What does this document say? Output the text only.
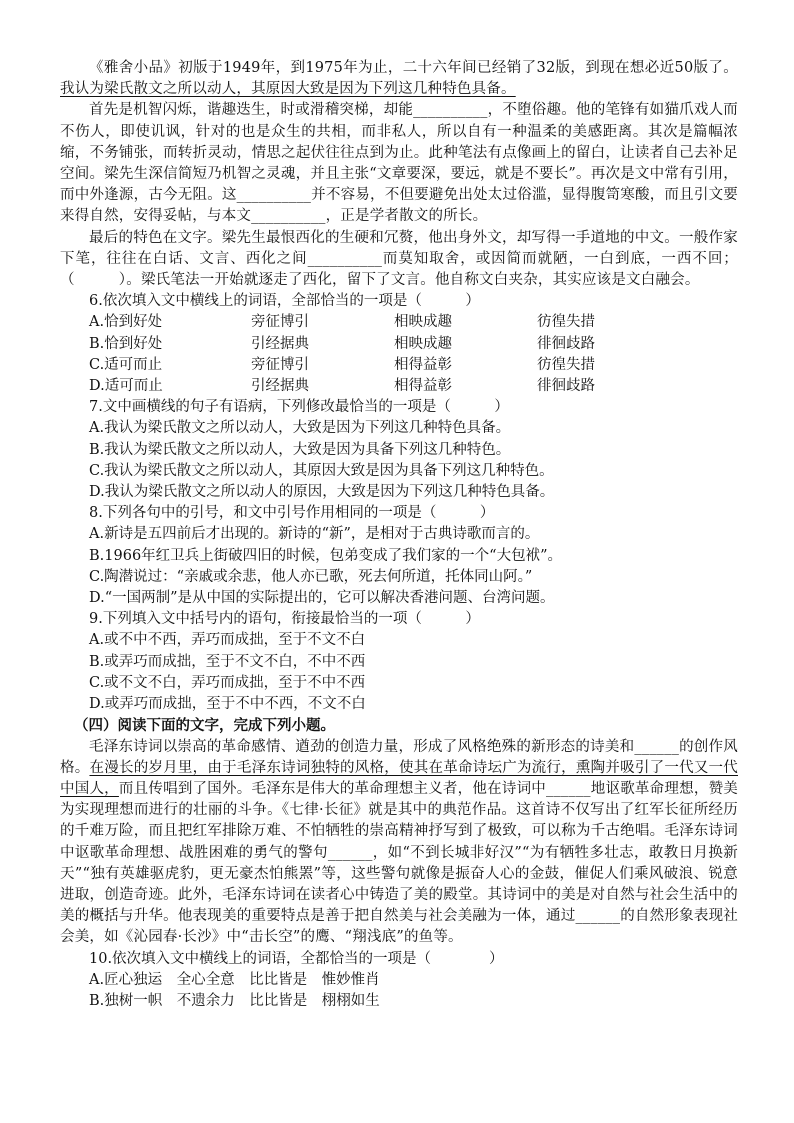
《雅舍小品》初版于1949年，到1975年为止，二十六年间已经销了32版，到现在想必近50版了。我认为梁氏散文之所以动人，其原因大致是因为下列这几种特色具备。

首先是机智闪烁，谐趣迭生，时或滑稽突梯，却能__________，不堕俗趣。他的笔锋有如猫爪戏人而不伤人，即使讥讽，针对的也是众生的共相，而非私人，所以自有一种温柔的美感距离。其次是篇幅浓缩，不务铺张，而转折灵动，情思之起伏往往点到为止。此种笔法有点像画上的留白，让读者自己去补足空间。梁先生深信简短乃机智之灵魂，并且主张“文章要深，要远，就是不要长”。再次是文中常有引用，而中外逢源，古今无阻。这__________并不容易，不但要避免出处太过俗滥，显得腹笥寒酸，而且引文要来得自然，安得妥帖，与本文__________，正是学者散文的所长。

最后的特色在文字。梁先生最恨西化的生硬和冗赘，他出身外文，却写得一手道地的中文。一般作家下笔，往往在白话、文言、西化之间__________而莫知取舍，或因简而就陋，一白到底，一西不回；（　　　）。梁氏笔法一开始就逐走了西化，留下了文言。他自称文白夹杂，其实应该是文白融会。

6.依次填入文中横线上的词语，全部恰当的一项是（　　　）
A.恰到好处	旁征博引	相映成趣	彷徨失措
B.恰到好处	引经据典	相映成趣	徘徊歧路
C.适可而止	旁征博引	相得益彰	彷徨失措
D.适可而止	引经据典	相得益彰	徘徊歧路
7.文中画横线的句子有语病，下列修改最恰当的一项是（　　　）
A.我认为梁氏散文之所以动人，大致是因为下列这几种特色具备。
B.我认为梁氏散文之所以动人，大致是因为具备下列这几种特色。
C.我认为梁氏散文之所以动人，其原因大致是因为具备下列这几种特色。
D.我认为梁氏散文之所以动人的原因，大致是因为下列这几种特色具备。
8.下列各句中的引号，和文中引号作用相同的一项是（　　　）
A.新诗是五四前后才出现的。新诗的“新”，是相对于古典诗歌而言的。
B.1966年红卫兵上街破四旧的时候，包弟变成了我们家的一个“大包袱”。
C.陶潜说过：“亲戚或余悲，他人亦已歌，死去何所道，托体同山阿。”
D.“一国两制”是从中国的实际提出的，它可以解决香港问题、台湾问题。
9.下列填入文中括号内的语句，衔接最恰当的一项（　　　）
A.或不中不西，弄巧而成拙，至于不文不白
B.或弄巧而成拙，至于不文不白，不中不西
C.或不文不白，弄巧而成拙，至于不中不西
D.或弄巧而成拙，至于不中不西，不文不白
（四）阅读下面的文字，完成下列小题。

毛泽东诗词以崇高的革命感情、遒劲的创造力量，形成了风格绝殊的新形态的诗美和______的创作风格。在漫长的岁月里，由于毛泽东诗词独特的风格，使其在革命诗坛广为流行，熏陶并吸引了一代又一代中国人，而且传唱到了国外。毛泽东是伟大的革命理想主义者，他在诗词中______地讴歌革命理想，赞美为实现理想而进行的壮丽的斗争。《七律·长征》就是其中的典范作品。这首诗不仅写出了红军长征所经历的千难万险，而且把红军排除万难、不怕牺牲的崇高精神抒写到了极致，可以称为千古绝唱。毛泽东诗词中讴歌革命理想、战胜困难的勇气的警句______，如“不到长城非好汉”“为有牺牲多壮志，敢教日月换新天”“独有英雄驱虎豹，更无豪杰怕熊罴”等，这些警句就像是振奋人心的金鼓，催促人们乘风破浪、锐意进取，创造奇迹。此外，毛泽东诗词在读者心中铸造了美的殿堂。其诗词中的美是对自然与社会生活中的美的概括与升华。他表现美的重要特点是善于把自然美与社会美融为一体，通过______的自然形象表现社会美，如《沁园春·长沙》中“击长空”的鹰、“翔浅底”的鱼等。

10.依次填入文中横线上的词语，全都恰当的一项是（　　　　）
A.匠心独运　全心全意　比比皆是　惟妙惟肖
B.独树一帜　不遗余力　比比皆是　栩栩如生
